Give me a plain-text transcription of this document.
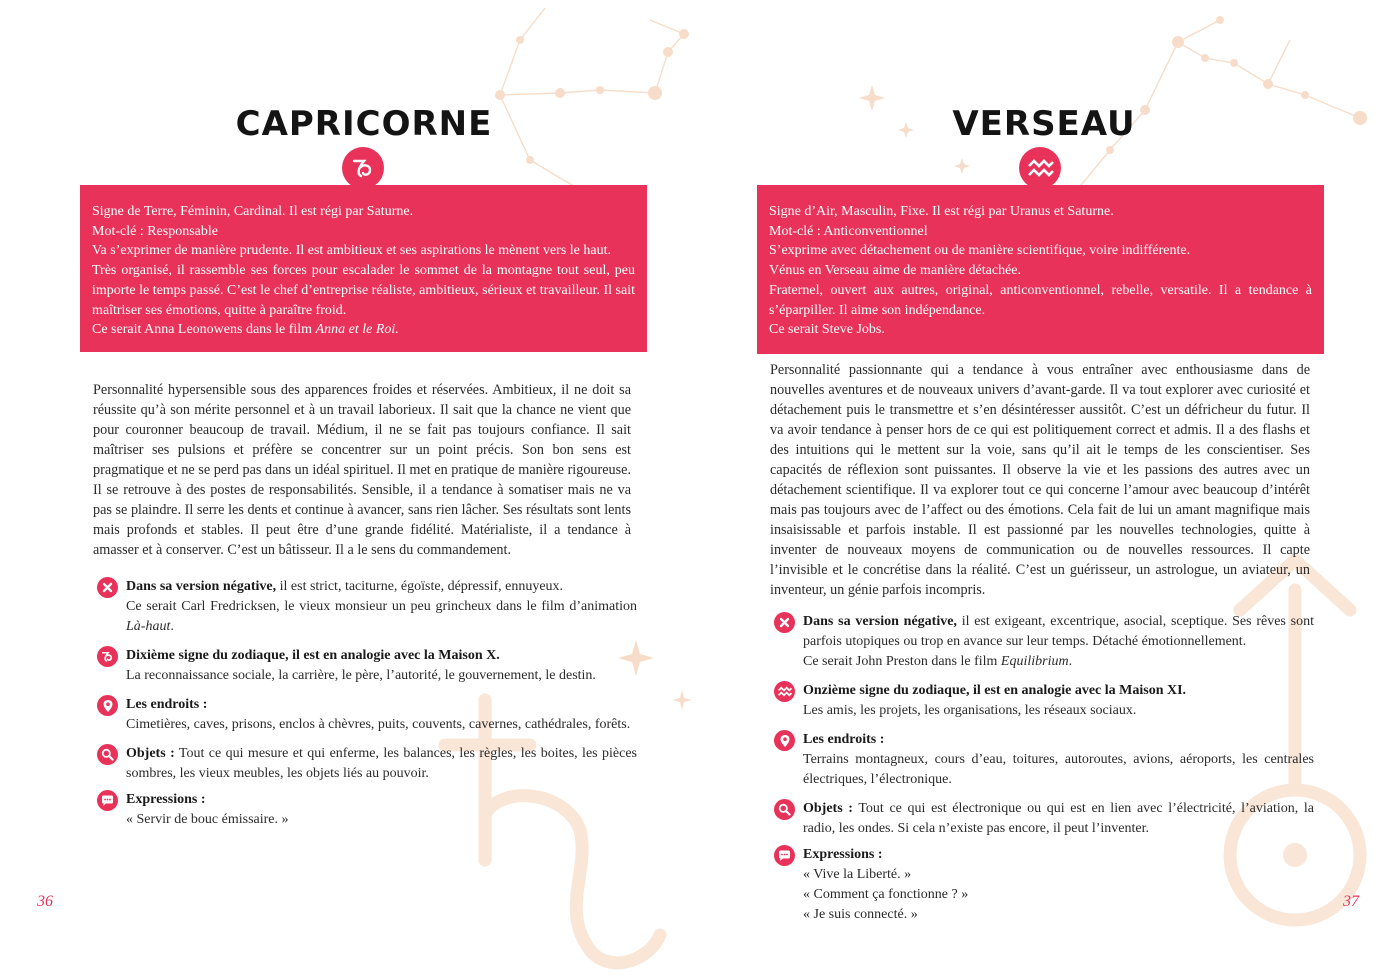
CAPRICORNE

Signe de Terre, Féminin, Cardinal. Il est régi par Saturne.

Mot-clé : Responsable

Va s’exprimer de manière prudente. Il est ambitieux et ses aspirations le mènent vers le haut.

Très organisé, il rassemble ses forces pour escalader le sommet de la montagne tout seul, peu importe le temps passé. C’est le chef d’entreprise réaliste, ambitieux, sérieux et travailleur. Il sait maîtriser ses émotions, quitte à paraître froid.

Ce serait Anna Leonowens dans le film Anna et le Roi.

Personnalité hypersensible sous des apparences froides et réservées. Ambitieux, il ne doit sa réussite qu’à son mérite personnel et à un travail laborieux. Il sait que la chance ne vient que pour couronner beaucoup de travail. Médium, il ne se fait pas toujours confiance. Il sait maîtriser ses pulsions et préfère se concentrer sur un point précis. Son bon sens est pragmatique et ne se perd pas dans un idéal spirituel. Il met en pratique de manière rigoureuse. Il se retrouve à des postes de responsabilités. Sensible, il a tendance à somatiser mais ne va pas se plaindre. Il serre les dents et continue à avancer, sans rien lâcher. Ses résultats sont lents mais profonds et stables. Il peut être d’une grande fidélité. Matérialiste, il a tendance à amasser et à conserver. C’est un bâtisseur. Il a le sens du commandement.

Dans sa version négative, il est strict, taciturne, égoïste, dépressif, ennuyeux.

Ce serait Carl Fredricksen, le vieux monsieur un peu grincheux dans le film d’animation Là-haut.

Dixième signe du zodiaque, il est en analogie avec la Maison X.

La reconnaissance sociale, la carrière, le père, l’autorité, le gouvernement, le destin.

Les endroits :

Cimetières, caves, prisons, enclos à chèvres, puits, couvents, cavernes, cathédrales, forêts.

Objets : Tout ce qui mesure et qui enferme, les balances, les règles, les boites, les pièces sombres, les vieux meubles, les objets liés au pouvoir.

Expressions :

« Servir de bouc émissaire. »

36
VERSEAU

Signe d’Air, Masculin, Fixe. Il est régi par Uranus et Saturne.

Mot-clé : Anticonventionnel

S’exprime avec détachement ou de manière scientifique, voire indifférente.

Vénus en Verseau aime de manière détachée.

Fraternel, ouvert aux autres, original, anticonventionnel, rebelle, versatile. Il a tendance à s’éparpiller. Il aime son indépendance.

Ce serait Steve Jobs.

Personnalité passionnante qui a tendance à vous entraîner avec enthousiasme dans de nouvelles aventures et de nouveaux univers d’avant-garde. Il va tout explorer avec curiosité et détachement puis le transmettre et s’en désintéresser aussitôt. C’est un défricheur du futur. Il va avoir tendance à penser hors de ce qui est politiquement correct et admis. Il a des flashs et des intuitions qui le mettent sur la voie, sans qu’il ait le temps de les conscientiser. Ses capacités de réflexion sont puissantes. Il observe la vie et les passions des autres avec un détachement scientifique. Il va explorer tout ce qui concerne l’amour avec beaucoup d’intérêt mais pas toujours avec de l’affect ou des émotions. Cela fait de lui un amant magnifique mais insaisissable et parfois instable. Il est passionné par les nouvelles technologies, quitte à inventer de nouveaux moyens de communication ou de nouvelles ressources. Il capte l’invisible et le concrétise dans la réalité. C’est un guérisseur, un astrologue, un aviateur, un inventeur, un génie parfois incompris.

Dans sa version négative, il est exigeant, excentrique, asocial, sceptique. Ses rêves sont parfois utopiques ou trop en avance sur leur temps. Détaché émotionnellement.

Ce serait John Preston dans le film Equilibrium.

Onzième signe du zodiaque, il est en analogie avec la Maison XI.

Les amis, les projets, les organisations, les réseaux sociaux.

Les endroits :

Terrains montagneux, cours d’eau, toitures, autoroutes, avions, aéroports, les centrales électriques, l’électronique.

Objets : Tout ce qui est électronique ou qui est en lien avec l’électricité, l’aviation, la radio, les ondes. Si cela n’existe pas encore, il peut l’inventer.

Expressions :

« Vive la Liberté. »

« Comment ça fonctionne ? »

« Je suis connecté. »

37
